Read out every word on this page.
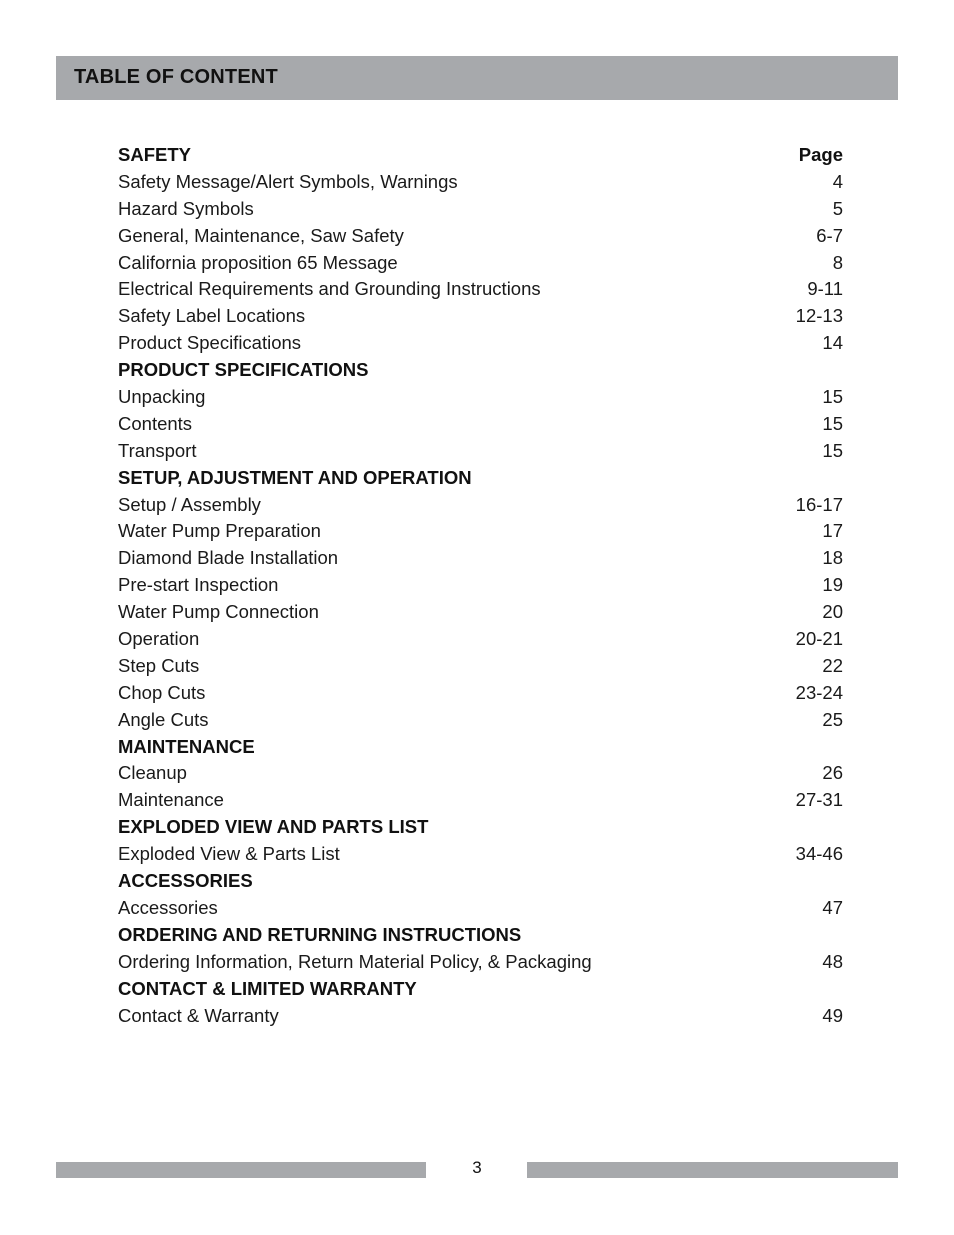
TABLE OF CONTENT
SAFETY	Page
Safety Message/Alert Symbols, Warnings	4
Hazard Symbols	5
General, Maintenance, Saw Safety	6-7
California proposition 65 Message	8
Electrical Requirements and Grounding Instructions	9-11
Safety Label Locations	12-13
Product Specifications	14
PRODUCT SPECIFICATIONS
Unpacking	15
Contents	15
Transport	15
SETUP, ADJUSTMENT AND OPERATION
Setup / Assembly	16-17
Water Pump Preparation	17
Diamond Blade Installation	18
Pre-start Inspection	19
Water Pump Connection	20
Operation	20-21
Step Cuts	22
Chop Cuts	23-24
Angle Cuts	25
MAINTENANCE
Cleanup	26
Maintenance	27-31
EXPLODED VIEW AND PARTS LIST
Exploded View & Parts List	34-46
ACCESSORIES
Accessories	47
ORDERING AND RETURNING INSTRUCTIONS
Ordering Information, Return Material Policy, & Packaging	48
CONTACT & LIMITED WARRANTY
Contact & Warranty	49
3
